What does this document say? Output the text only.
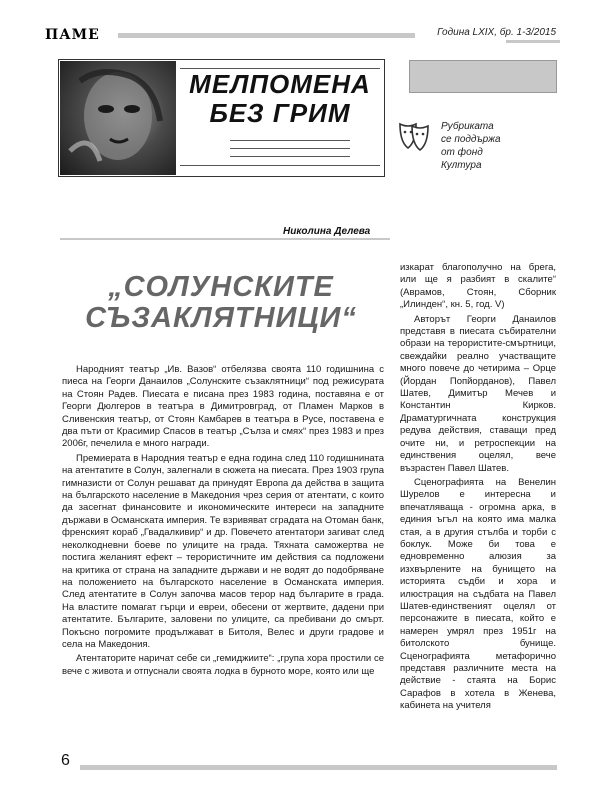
ПАМЕ	Година LXIX, бр. 1-3/2015
МЕЛПОМЕНА
БЕЗ ГРИМ	Рубриката
се поддържа
от фонд
Култура
Николина Делева
„СОЛУНСКИТЕ
СЪЗАКЛЯТНИЦИ“

Народният театър „Ив. Вазов“ отбелязва своята 110 годишнина с пиеса на Георги Данаилов „Солунските съзаклятници“ под режисурата на Стоян Радев. Пиесата е писана през 1983 година, поставяна е от Георги Дюлгеров в театъра в Димитровград, от Пламен Марков в Сливенския театър, от Стоян Камбарев в театъра в Русе, поставена е два пъти от Красимир Спасов в театър „Сълза и смях“ през 1983 и през 2006г, печелила е много награди.

Премиерата в Народния театър е една година след 110 годишнината на атентатите в Солун, залегнали в сюжета на пиесата. През 1903 група гимназисти от Солун решават да принудят Европа да действа в защита на българското население в Македония чрез серия от атентати, с които да засегнат финансовите и икономическите интереси на западните държави в Османската империя. Те взривяват сградата на Отоман банк, френският кораб „Гвадалкивир“ и др. Повечето атентатори загиват след неколкодневни боеве по улиците на града. Тяхната саможертва не постига желаният ефект – терористичните им действия са подложени на критика от страна на западните държави и не водят до подобряване на положението на българското население в Османската империя. След атентатите в Солун започва масов терор над българите в града. На властите помагат гърци и евреи, обесени от жертвите, дадени при атентатите. Българите, заловени по улиците, са пребивани до смърт. Покъсно погромите продължават в Битоля, Велес и други градове и села на Македония.

Атентаторите наричат себе си „гемиджиите“: „група хора простили се вече с живота и отпуснали своята лодка в бурното море, която или ще

изкарат благополучно на брега, или ще я разбият в скалите“ (Аврамов, Стоян, Сборник „Илинден“, кн. 5, год. V)

Авторът Георги Данаилов представя в пиесата събирателни образи на терористите-смъртници, свеждайки реално участващите много повече до четирима – Орце (Йордан Попйорданов), Павел Шатев, Димитър Мечев и Константин Кирков. Драматургичната конструкция редува действия, ставащи пред очите ни, и ретроспекции на единствения оцелял, вече възрастен Павел Шатев.

Сценографията на Венелин Шурелов е интересна и впечатляваща - огромна арка, в единия ъгъл на която има малка стая, а в другия стълба и торби с боклук. Може би това е едновременно алюзия за изхвърлените на бунището на историята съдби и хора и илюстрация на съдбата на Павел Шатев-единственият оцелял от персонажите в пиесата, който е намерен умрял през 1951г на битолското бунище. Сценографията метафорично представя различните места на действие - стаята на Борис Сарафов в хотела в Женева, кабинета на учителя

6
